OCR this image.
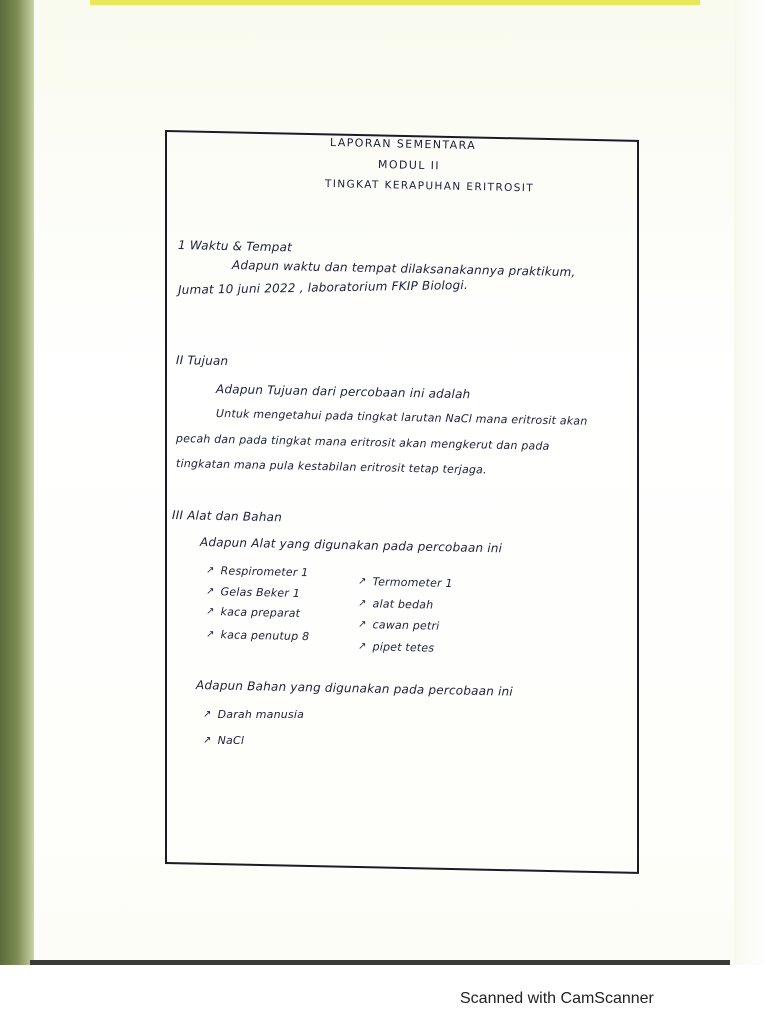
LAPORAN SEMENTARA
MODUL II
TINGKAT KERAPUHAN ERITROSIT
1 Waktu & Tempat
Adapun waktu dan tempat dilaksanakannya praktikum,
Jumat 10 juni 2022 , laboratorium FKIP Biologi.
II Tujuan
Adapun Tujuan dari percobaan ini adalah
Untuk mengetahui pada tingkat larutan NaCl mana eritrosit akan
pecah dan pada tingkat mana eritrosit akan mengkerut dan pada
tingkatan mana pula kestabilan eritrosit tetap terjaga.
III Alat dan Bahan
Adapun Alat yang digunakan pada percobaan ini
↗ Respirometer 1
↗ Gelas Beker 1
↗ kaca preparat
↗ kaca penutup 8
↗ Termometer 1
↗ alat bedah
↗ cawan petri
↗ pipet tetes
Adapun Bahan yang digunakan pada percobaan ini
↗ Darah manusia
↗ NaCl
Scanned with CamScanner
